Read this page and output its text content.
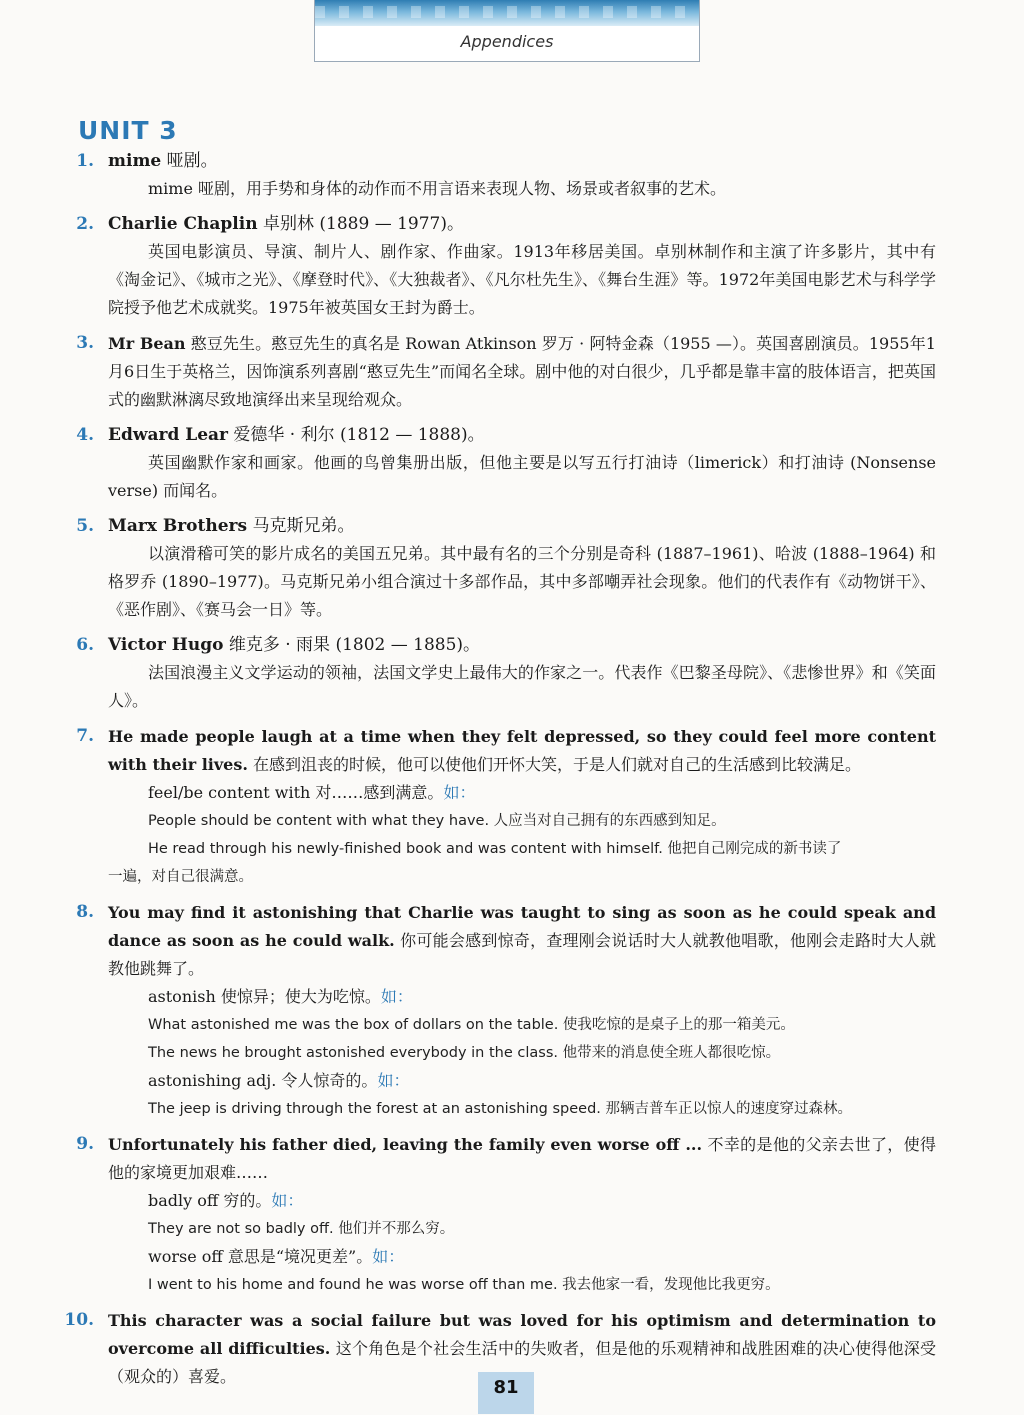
Appendices
UNIT 3
1. mime 哑剧。
mime 哑剧，用手势和身体的动作而不用言语来表现人物、场景或者叙事的艺术。
2. Charlie Chaplin 卓别林 (1889 — 1977)。
英国电影演员、导演、制片人、剧作家、作曲家。1913年移居美国。卓别林制作和主演了许多影片，其中有《淘金记》、《城市之光》、《摩登时代》、《大独裁者》、《凡尔杜先生》、《舞台生涯》等。1972年美国电影艺术与科学学院授予他艺术成就奖。1975年被英国女王封为爵士。
3. Mr Bean 憨豆先生。憨豆先生的真名是 Rowan Atkinson 罗万 · 阿特金森（1955 —）。英国喜剧演员。1955年1月6日生于英格兰，因饰演系列喜剧“憨豆先生”而闻名全球。剧中他的对白很少，几乎都是靠丰富的肢体语言，把英国式的幽默淋漓尽致地演绎出来呈现给观众。
4. Edward Lear 爱德华 · 利尔 (1812 — 1888)。
英国幽默作家和画家。他画的鸟曾集册出版，但他主要是以写五行打油诗（limerick）和打油诗 (Nonsense verse) 而闻名。
5. Marx Brothers 马克斯兄弟。
以演滑稽可笑的影片成名的美国五兄弟。其中最有名的三个分别是奇科 (1887–1961)、哈波 (1888–1964) 和格罗乔 (1890–1977)。马克斯兄弟小组合演过十多部作品，其中多部嘲弄社会现象。他们的代表作有《动物饼干》、《恶作剧》、《赛马会一日》等。
6. Victor Hugo 维克多 · 雨果 (1802 — 1885)。
法国浪漫主义文学运动的领袖，法国文学史上最伟大的作家之一。代表作《巴黎圣母院》、《悲惨世界》和《笑面人》。
7. He made people laugh at a time when they felt depressed, so they could feel more content with their lives. 在感到沮丧的时候，他可以使他们开怀大笑，于是人们就对自己的生活感到比较满足。
feel/be content with 对……感到满意。如：
People should be content with what they have. 人应当对自己拥有的东西感到知足。
He read through his newly-finished book and was content with himself. 他把自己刚完成的新书读了
一遍，对自己很满意。
8. You may find it astonishing that Charlie was taught to sing as soon as he could speak and dance as soon as he could walk. 你可能会感到惊奇，查理刚会说话时大人就教他唱歌，他刚会走路时大人就教他跳舞了。
astonish 使惊异；使大为吃惊。如：
What astonished me was the box of dollars on the table. 使我吃惊的是桌子上的那一箱美元。
The news he brought astonished everybody in the class. 他带来的消息使全班人都很吃惊。
astonishing adj. 令人惊奇的。如：
The jeep is driving through the forest at an astonishing speed. 那辆吉普车正以惊人的速度穿过森林。
9. Unfortunately his father died, leaving the family even worse off ... 不幸的是他的父亲去世了，使得他的家境更加艰难……
badly off 穷的。如：
They are not so badly off. 他们并不那么穷。
worse off 意思是“境况更差”。如：
I went to his home and found he was worse off than me. 我去他家一看，发现他比我更穷。
10. This character was a social failure but was loved for his optimism and determination to overcome all difficulties. 这个角色是个社会生活中的失败者，但是他的乐观精神和战胜困难的决心使得他深受（观众的）喜爱。
81
